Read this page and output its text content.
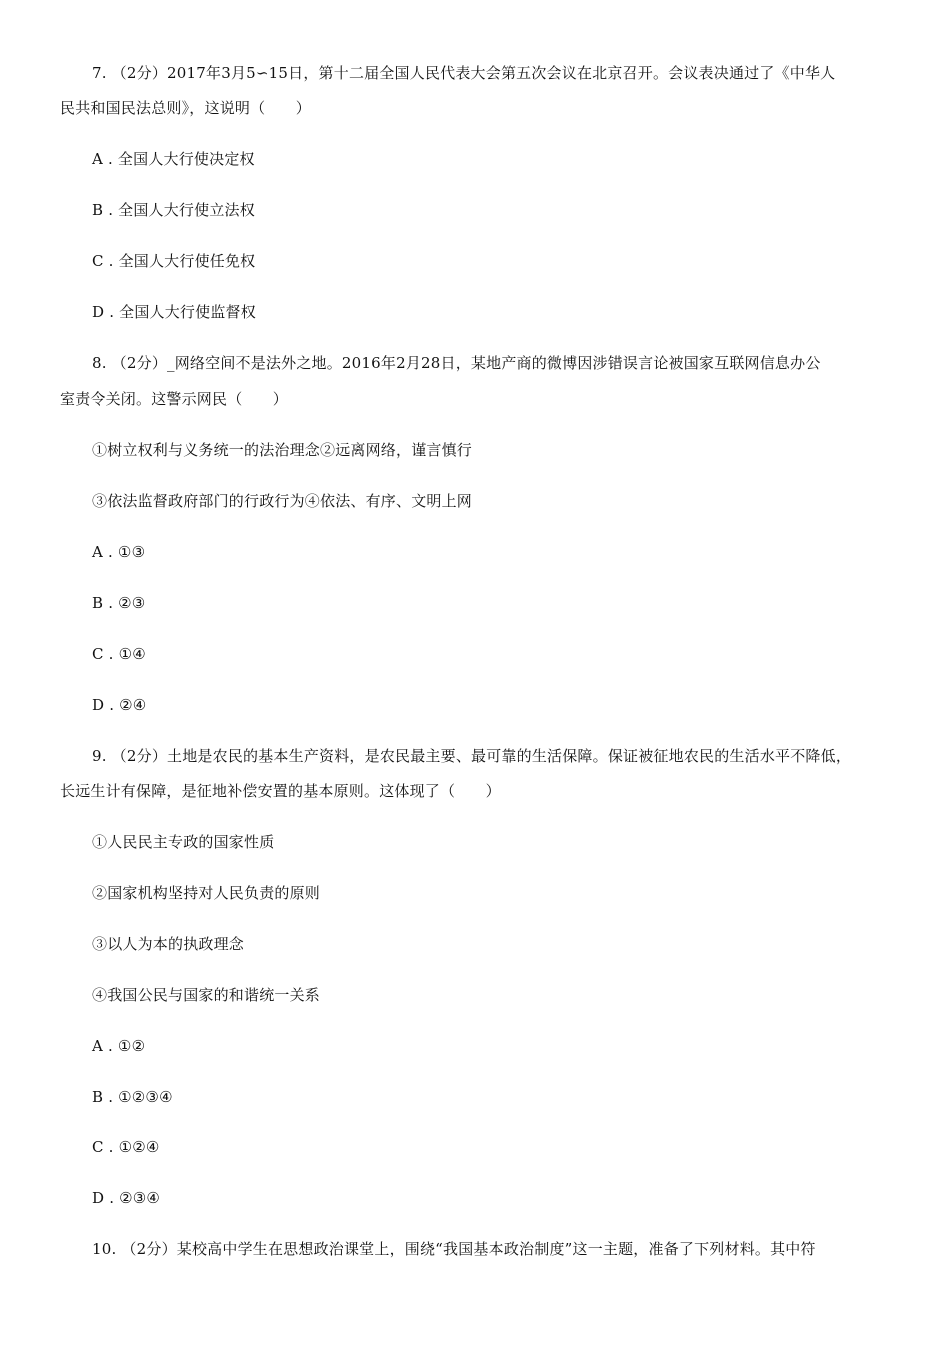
7. （2分）2017年3月5∽15日，第十二届全国人民代表大会第五次会议在北京召开。会议表决通过了《中华人
民共和国民法总则》，这说明（　　）
A . 全国人大行使决定权
B . 全国人大行使立法权
C . 全国人大行使任免权
D . 全国人大行使监督权
8. （2分）_网络空间不是法外之地。2016年2月28日，某地产商的微博因涉错误言论被国家互联网信息办公
室责令关闭。这警示网民（　　）
①树立权利与义务统一的法治理念②远离网络，谨言慎行
③依法监督政府部门的行政行为④依法、有序、文明上网
A . ①③
B . ②③
C . ①④
D . ②④
9. （2分）土地是农民的基本生产资料，是农民最主要、最可靠的生活保障。保证被征地农民的生活水平不降低，
长远生计有保障，是征地补偿安置的基本原则。这体现了（　　）
①人民民主专政的国家性质
②国家机构坚持对人民负责的原则
③以人为本的执政理念
④我国公民与国家的和谐统一关系
A . ①②
B . ①②③④
C . ①②④
D . ②③④
10. （2分）某校高中学生在思想政治课堂上，围绕“我国基本政治制度”这一主题，准备了下列材料。其中符
